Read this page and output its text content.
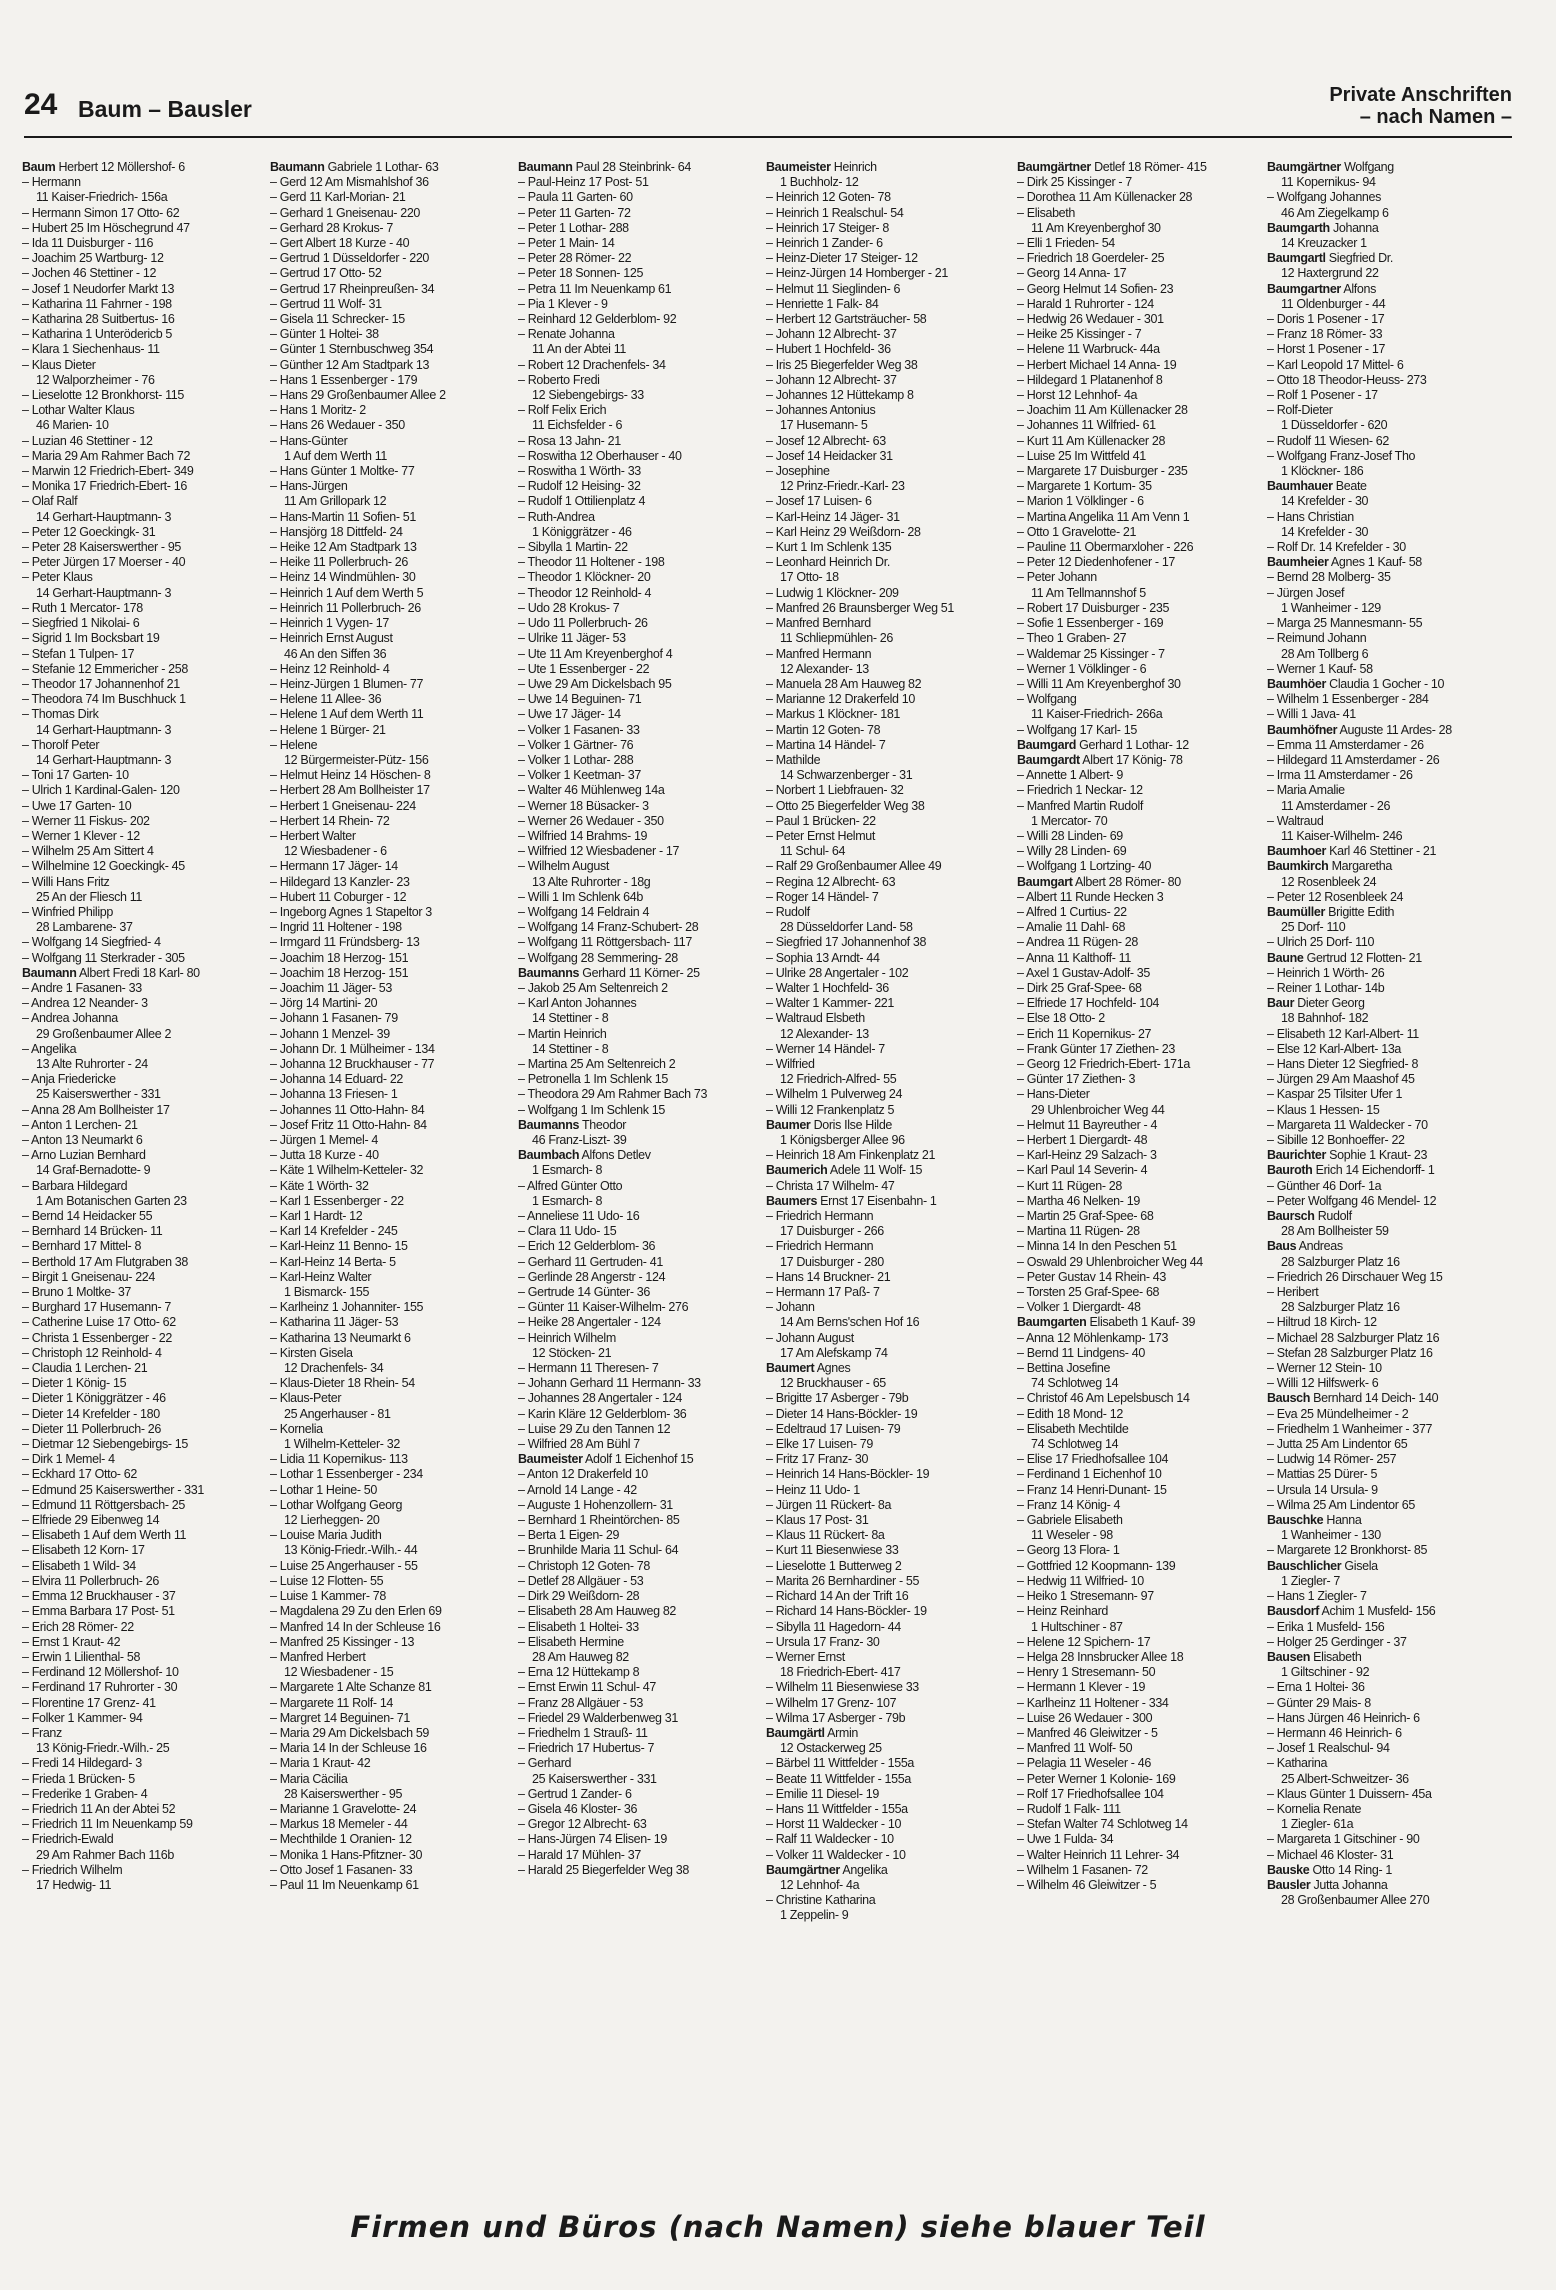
24 Baum – Bausler
Private Anschriften
– nach Namen –
Baum Herbert 12 Möllershof- 6
– Hermann
11 Kaiser-Friedrich- 156a
– Hermann Simon 17 Otto- 62
– Hubert 25 Im Höschegrund 47
– Ida 11 Duisburger - 116
– Joachim 25 Wartburg- 12
– Jochen 46 Stettiner - 12
– Josef 1 Neudorfer Markt 13
– Katharina 11 Fahrner - 198
– Katharina 28 Suitbertus- 16
– Katharina 1 Unterödericb 5
– Klara 1 Siechenhaus- 11
– Klaus Dieter
12 Walporzheimer - 76
– Lieselotte 12 Bronkhorst- 115
– Lothar Walter Klaus
46 Marien- 10
– Luzian 46 Stettiner - 12
– Maria 29 Am Rahmer Bach 72
– Marwin 12 Friedrich-Ebert- 349
– Monika 17 Friedrich-Ebert- 16
– Olaf Ralf
14 Gerhart-Hauptmann- 3
– Peter 12 Goeckingk- 31
– Peter 28 Kaiserswerther - 95
– Peter Jürgen 17 Moerser - 40
– Peter Klaus
14 Gerhart-Hauptmann- 3
– Ruth 1 Mercator- 178
– Siegfried 1 Nikolai- 6
– Sigrid 1 Im Bocksbart 19
– Stefan 1 Tulpen- 17
– Stefanie 12 Emmericher - 258
– Theodor 17 Johannenhof 21
– Theodora 74 Im Buschhuck 1
– Thomas Dirk
14 Gerhart-Hauptmann- 3
– Thorolf Peter
14 Gerhart-Hauptmann- 3
– Toni 17 Garten- 10
– Ulrich 1 Kardinal-Galen- 120
– Uwe 17 Garten- 10
– Werner 11 Fiskus- 202
– Werner 1 Klever - 12
– Wilhelm 25 Am Sittert 4
– Wilhelmine 12 Goeckingk- 45
– Willi Hans Fritz
25 An der Fliesch 11
– Winfried Philipp
28 Lambarene- 37
– Wolfgang 14 Siegfried- 4
– Wolfgang 11 Sterkrader - 305
Baumann Albert Fredi 18 Karl- 80
– Andre 1 Fasanen- 33
– Andrea 12 Neander- 3
– Andrea Johanna
29 Großenbaumer Allee 2
– Angelika
13 Alte Ruhrorter - 24
– Anja Friedericke
25 Kaiserswerther - 331
– Anna 28 Am Bollheister 17
– Anton 1 Lerchen- 21
– Anton 13 Neumarkt 6
– Arno Luzian Bernhard
14 Graf-Bernadotte- 9
– Barbara Hildegard
1 Am Botanischen Garten 23
– Bernd 14 Heidacker 55
– Bernhard 14 Brücken- 11
– Bernhard 17 Mittel- 8
– Berthold 17 Am Flutgraben 38
– Birgit 1 Gneisenau- 224
– Bruno 1 Moltke- 37
– Burghard 17 Husemann- 7
– Catherine Luise 17 Otto- 62
– Christa 1 Essenberger - 22
– Christoph 12 Reinhold- 4
– Claudia 1 Lerchen- 21
– Dieter 1 König- 15
– Dieter 1 Königgrätzer - 46
– Dieter 14 Krefelder - 180
– Dieter 11 Pollerbruch- 26
– Dietmar 12 Siebengebirgs- 15
– Dirk 1 Memel- 4
– Eckhard 17 Otto- 62
– Edmund 25 Kaiserswerther - 331
– Edmund 11 Röttgersbach- 25
– Elfriede 29 Eibenweg 14
– Elisabeth 1 Auf dem Werth 11
– Elisabeth 12 Korn- 17
– Elisabeth 1 Wild- 34
– Elvira 11 Pollerbruch- 26
– Emma 12 Bruckhauser - 37
– Emma Barbara 17 Post- 51
– Erich 28 Römer- 22
– Ernst 1 Kraut- 42
– Erwin 1 Lilienthal- 58
– Ferdinand 12 Möllershof- 10
– Ferdinand 17 Ruhrorter - 30
– Florentine 17 Grenz- 41
– Folker 1 Kammer- 94
– Franz
13 König-Friedr.-Wilh.- 25
– Fredi 14 Hildegard- 3
– Frieda 1 Brücken- 5
– Frederike 1 Graben- 4
– Friedrich 11 An der Abtei 52
– Friedrich 11 Im Neuenkamp 59
– Friedrich-Ewald
29 Am Rahmer Bach 116b
– Friedrich Wilhelm
17 Hedwig- 11
Baumann Gabriele 1 Lothar- 63
– Gerd 12 Am Mismahlshof 36
– Gerd 11 Karl-Morian- 21
– Gerhard 1 Gneisenau- 220
– Gerhard 28 Krokus- 7
– Gert Albert 18 Kurze - 40
– Gertrud 1 Düsseldorfer - 220
– Gertrud 17 Otto- 52
– Gertrud 17 Rheinpreußen- 34
– Gertrud 11 Wolf- 31
– Gisela 11 Schrecker- 15
– Günter 1 Holtei- 38
– Günter 1 Sternbuschweg 354
– Günther 12 Am Stadtpark 13
– Hans 1 Essenberger - 179
– Hans 29 Großenbaumer Allee 2
– Hans 1 Moritz- 2
– Hans 26 Wedauer - 350
– Hans-Günter
1 Auf dem Werth 11
– Hans Günter 1 Moltke- 77
– Hans-Jürgen
11 Am Grillopark 12
– Hans-Martin 11 Sofien- 51
– Hansjörg 18 Dittfeld- 24
– Heike 12 Am Stadtpark 13
– Heike 11 Pollerbruch- 26
– Heinz 14 Windmühlen- 30
– Heinrich 1 Auf dem Werth 5
– Heinrich 11 Pollerbruch- 26
– Heinrich 1 Vygen- 17
– Heinrich Ernst August
46 An den Siffen 36
– Heinz 12 Reinhold- 4
– Heinz-Jürgen 1 Blumen- 77
– Helene 11 Allee- 36
– Helene 1 Auf dem Werth 11
– Helene 1 Bürger- 21
– Helene
12 Bürgermeister-Pütz- 156
– Helmut Heinz 14 Höschen- 8
– Herbert 28 Am Bollheister 17
– Herbert 1 Gneisenau- 224
– Herbert 14 Rhein- 72
– Herbert Walter
12 Wiesbadener - 6
– Hermann 17 Jäger- 14
– Hildegard 13 Kanzler- 23
– Hubert 11 Coburger - 12
– Ingeborg Agnes 1 Stapeltor 3
– Ingrid 11 Holtener - 198
– Irmgard 11 Fründsberg- 13
– Joachim 18 Herzog- 151
– Joachim 18 Herzog- 151
– Joachim 11 Jäger- 53
– Jörg 14 Martini- 20
– Johann 1 Fasanen- 79
– Johann 1 Menzel- 39
– Johann Dr. 1 Mülheimer - 134
– Johanna 12 Bruckhauser - 77
– Johanna 14 Eduard- 22
– Johanna 13 Friesen- 1
– Johannes 11 Otto-Hahn- 84
– Josef Fritz 11 Otto-Hahn- 84
– Jürgen 1 Memel- 4
– Jutta 18 Kurze - 40
– Käte 1 Wilhelm-Ketteler- 32
– Käte 1 Wörth- 32
– Karl 1 Essenberger - 22
– Karl 1 Hardt- 12
– Karl 14 Krefelder - 245
– Karl-Heinz 11 Benno- 15
– Karl-Heinz 14 Berta- 5
– Karl-Heinz Walter
1 Bismarck- 155
– Karlheinz 1 Johanniter- 155
– Katharina 11 Jäger- 53
– Katharina 13 Neumarkt 6
– Kirsten Gisela
12 Drachenfels- 34
– Klaus-Dieter 18 Rhein- 54
– Klaus-Peter
25 Angerhauser - 81
– Kornelia
1 Wilhelm-Ketteler- 32
– Lidia 11 Kopernikus- 113
– Lothar 1 Essenberger - 234
– Lothar 1 Heine- 50
– Lothar Wolfgang Georg
12 Lierheggen- 20
– Louise Maria Judith
13 König-Friedr.-Wilh.- 44
– Luise 25 Angerhauser - 55
– Luise 12 Flotten- 55
– Luise 1 Kammer- 78
– Magdalena 29 Zu den Erlen 69
– Manfred 14 In der Schleuse 16
– Manfred 25 Kissinger - 13
– Manfred Herbert
12 Wiesbadener - 15
– Margarete 1 Alte Schanze 81
– Margarete 11 Rolf- 14
– Margret 14 Beguinen- 71
– Maria 29 Am Dickelsbach 59
– Maria 14 In der Schleuse 16
– Maria 1 Kraut- 42
– Maria Cäcilia
28 Kaiserswerther - 95
– Marianne 1 Gravelotte- 24
– Markus 18 Memeler - 44
– Mechthilde 1 Oranien- 12
– Monika 1 Hans-Pfitzner- 30
– Otto Josef 1 Fasanen- 33
– Paul 11 Im Neuenkamp 61
Baumann Paul 28 Steinbrink- 64
– Paul-Heinz 17 Post- 51
– Paula 11 Garten- 60
– Peter 11 Garten- 72
– Peter 1 Lothar- 288
– Peter 1 Main- 14
– Peter 28 Römer- 22
– Peter 18 Sonnen- 125
– Petra 11 Im Neuenkamp 61
– Pia 1 Klever - 9
– Reinhard 12 Gelderblom- 92
– Renate Johanna
11 An der Abtei 11
– Robert 12 Drachenfels- 34
– Roberto Fredi
12 Siebengebirgs- 33
– Rolf Felix Erich
11 Eichsfelder - 6
– Rosa 13 Jahn- 21
– Roswitha 12 Oberhauser - 40
– Roswitha 1 Wörth- 33
– Rudolf 12 Heising- 32
– Rudolf 1 Ottilienplatz 4
– Ruth-Andrea
1 Königgrätzer - 46
– Sibylla 1 Martin- 22
– Theodor 11 Holtener - 198
– Theodor 1 Klöckner- 20
– Theodor 12 Reinhold- 4
– Udo 28 Krokus- 7
– Udo 11 Pollerbruch- 26
– Ulrike 11 Jäger- 53
– Ute 11 Am Kreyenberghof 4
– Ute 1 Essenberger - 22
– Uwe 29 Am Dickelsbach 95
– Uwe 14 Beguinen- 71
– Uwe 17 Jäger- 14
– Volker 1 Fasanen- 33
– Volker 1 Gärtner- 76
– Volker 1 Lothar- 288
– Volker 1 Keetman- 37
– Walter 46 Mühlenweg 14a
– Werner 18 Büsacker- 3
– Werner 26 Wedauer - 350
– Wilfried 14 Brahms- 19
– Wilfried 12 Wiesbadener - 17
– Wilhelm August
13 Alte Ruhrorter - 18g
– Willi 1 Im Schlenk 64b
– Wolfgang 14 Feldrain 4
– Wolfgang 14 Franz-Schubert- 28
– Wolfgang 11 Röttgersbach- 117
– Wolfgang 28 Semmering- 28
Baumanns Gerhard 11 Körner- 25
– Jakob 25 Am Seltenreich 2
– Karl Anton Johannes
14 Stettiner - 8
– Martin Heinrich
14 Stettiner - 8
– Martina 25 Am Seltenreich 2
– Petronella 1 Im Schlenk 15
– Theodora 29 Am Rahmer Bach 73
– Wolfgang 1 Im Schlenk 15
Baumanns Theodor
46 Franz-Liszt- 39
Baumbach Alfons Detlev
1 Esmarch- 8
– Alfred Günter Otto
1 Esmarch- 8
– Anneliese 11 Udo- 16
– Clara 11 Udo- 15
– Erich 12 Gelderblom- 36
– Gerhard 11 Gertruden- 41
– Gerlinde 28 Angerstr - 124
– Gertrude 14 Günter- 36
– Günter 11 Kaiser-Wilhelm- 276
– Heike 28 Angertaler - 124
– Heinrich Wilhelm
12 Stöcken- 21
– Hermann 11 Theresen- 7
– Johann Gerhard 11 Hermann- 33
– Johannes 28 Angertaler - 124
– Karin Kläre 12 Gelderblom- 36
– Luise 29 Zu den Tannen 12
– Wilfried 28 Am Bühl 7
Baumeister Adolf 1 Eichenhof 15
– Anton 12 Drakerfeld 10
– Arnold 14 Lange - 42
– Auguste 1 Hohenzollern- 31
– Bernhard 1 Rheintörchen- 85
– Berta 1 Eigen- 29
– Brunhilde Maria 11 Schul- 64
– Christoph 12 Goten- 78
– Detlef 28 Allgäuer - 53
– Dirk 29 Weißdorn- 28
– Elisabeth 28 Am Hauweg 82
– Elisabeth 1 Holtei- 33
– Elisabeth Hermine
28 Am Hauweg 82
– Erna 12 Hüttekamp 8
– Ernst Erwin 11 Schul- 47
– Franz 28 Allgäuer - 53
– Friedel 29 Walderbenweg 31
– Friedhelm 1 Strauß- 11
– Friedrich 17 Hubertus- 7
– Gerhard
25 Kaiserswerther - 331
– Gertrud 1 Zander- 6
– Gisela 46 Kloster- 36
– Gregor 12 Albrecht- 63
– Hans-Jürgen 74 Elisen- 19
– Harald 17 Mühlen- 37
– Harald 25 Biegerfelder Weg 38
Baumeister Heinrich
1 Buchholz- 12
– Heinrich 12 Goten- 78
– Heinrich 1 Realschul- 54
– Heinrich 17 Steiger- 8
– Heinrich 1 Zander- 6
– Heinz-Dieter 17 Steiger- 12
– Heinz-Jürgen 14 Homberger - 21
– Helmut 11 Sieglinden- 6
– Henriette 1 Falk- 84
– Herbert 12 Gartsträucher- 58
– Johann 12 Albrecht- 37
– Hubert 1 Hochfeld- 36
– Iris 25 Biegerfelder Weg 38
– Johann 12 Albrecht- 37
– Johannes 12 Hüttekamp 8
– Johannes Antonius
17 Husemann- 5
– Josef 12 Albrecht- 63
– Josef 14 Heidacker 31
– Josephine
12 Prinz-Friedr.-Karl- 23
– Josef 17 Luisen- 6
– Karl-Heinz 14 Jäger- 31
– Karl Heinz 29 Weißdorn- 28
– Kurt 1 Im Schlenk 135
– Leonhard Heinrich Dr.
17 Otto- 18
– Ludwig 1 Klöckner- 209
– Manfred 26 Braunsberger Weg 51
– Manfred Bernhard
11 Schliepmühlen- 26
– Manfred Hermann
12 Alexander- 13
– Manuela 28 Am Hauweg 82
– Marianne 12 Drakerfeld 10
– Markus 1 Klöckner- 181
– Martin 12 Goten- 78
– Martina 14 Händel- 7
– Mathilde
14 Schwarzenberger - 31
– Norbert 1 Liebfrauen- 32
– Otto 25 Biegerfelder Weg 38
– Paul 1 Brücken- 22
– Peter Ernst Helmut
11 Schul- 64
– Ralf 29 Großenbaumer Allee 49
– Regina 12 Albrecht- 63
– Roger 14 Händel- 7
– Rudolf
28 Düsseldorfer Land- 58
– Siegfried 17 Johannenhof 38
– Sophia 13 Arndt- 44
– Ulrike 28 Angertaler - 102
– Walter 1 Hochfeld- 36
– Walter 1 Kammer- 221
– Waltraud Elsbeth
12 Alexander- 13
– Werner 14 Händel- 7
– Wilfried
12 Friedrich-Alfred- 55
– Wilhelm 1 Pulverweg 24
– Willi 12 Frankenplatz 5
Baumer Doris Ilse Hilde
1 Königsberger Allee 96
– Heinrich 18 Am Finkenplatz 21
Baumerich Adele 11 Wolf- 15
– Christa 17 Wilhelm- 47
Baumers Ernst 17 Eisenbahn- 1
– Friedrich Hermann
17 Duisburger - 266
– Friedrich Hermann
17 Duisburger - 280
– Hans 14 Bruckner- 21
– Hermann 17 Paß- 7
– Johann
14 Am Berns'schen Hof 16
– Johann August
17 Am Alefskamp 74
Baumert Agnes
12 Bruckhauser - 65
– Brigitte 17 Asberger - 79b
– Dieter 14 Hans-Böckler- 19
– Edeltraud 17 Luisen- 79
– Elke 17 Luisen- 79
– Fritz 17 Franz- 30
– Heinrich 14 Hans-Böckler- 19
– Heinz 11 Udo- 1
– Jürgen 11 Rückert- 8a
– Klaus 17 Post- 31
– Klaus 11 Rückert- 8a
– Kurt 11 Biesenwiese 33
– Lieselotte 1 Butterweg 2
– Marita 26 Bernhardiner - 55
– Richard 14 An der Trift 16
– Richard 14 Hans-Böckler- 19
– Sibylla 11 Hagedorn- 44
– Ursula 17 Franz- 30
– Werner Ernst
18 Friedrich-Ebert- 417
– Wilhelm 11 Biesenwiese 33
– Wilhelm 17 Grenz- 107
– Wilma 17 Asberger - 79b
Baumgärtl Armin
12 Ostackerweg 25
– Bärbel 11 Wittfelder - 155a
– Beate 11 Wittfelder - 155a
– Emilie 11 Diesel- 19
– Hans 11 Wittfelder - 155a
– Horst 11 Waldecker - 10
– Ralf 11 Waldecker - 10
– Volker 11 Waldecker - 10
Baumgärtner Angelika
12 Lehnhof- 4a
– Christine Katharina
1 Zeppelin- 9
Baumgärtner Detlef 18 Römer- 415
– Dirk 25 Kissinger - 7
– Dorothea 11 Am Küllenacker 28
– Elisabeth
11 Am Kreyenberghof 30
– Elli 1 Frieden- 54
– Friedrich 18 Goerdeler- 25
– Georg 14 Anna- 17
– Georg Helmut 14 Sofien- 23
– Harald 1 Ruhrorter - 124
– Hedwig 26 Wedauer - 301
– Heike 25 Kissinger - 7
– Helene 11 Warbruck- 44a
– Herbert Michael 14 Anna- 19
– Hildegard 1 Platanenhof 8
– Horst 12 Lehnhof- 4a
– Joachim 11 Am Küllenacker 28
– Johannes 11 Wilfried- 61
– Kurt 11 Am Küllenacker 28
– Luise 25 Im Wittfeld 41
– Margarete 17 Duisburger - 235
– Margarete 1 Kortum- 35
– Marion 1 Völklinger - 6
– Martina Angelika 11 Am Venn 1
– Otto 1 Gravelotte- 21
– Pauline 11 Obermarxloher - 226
– Peter 12 Diedenhofener - 17
– Peter Johann
11 Am Tellmannshof 5
– Robert 17 Duisburger - 235
– Sofie 1 Essenberger - 169
– Theo 1 Graben- 27
– Waldemar 25 Kissinger - 7
– Werner 1 Völklinger - 6
– Willi 11 Am Kreyenberghof 30
– Wolfgang
11 Kaiser-Friedrich- 266a
– Wolfgang 17 Karl- 15
Baumgard Gerhard 1 Lothar- 12
Baumgardt Albert 17 König- 78
– Annette 1 Albert- 9
– Friedrich 1 Neckar- 12
– Manfred Martin Rudolf
1 Mercator- 70
– Willi 28 Linden- 69
– Willy 28 Linden- 69
– Wolfgang 1 Lortzing- 40
Baumgart Albert 28 Römer- 80
– Albert 11 Runde Hecken 3
– Alfred 1 Curtius- 22
– Amalie 11 Dahl- 68
– Andrea 11 Rügen- 28
– Anna 11 Kalthoff- 11
– Axel 1 Gustav-Adolf- 35
– Dirk 25 Graf-Spee- 68
– Elfriede 17 Hochfeld- 104
– Else 18 Otto- 2
– Erich 11 Kopernikus- 27
– Frank Günter 17 Ziethen- 23
– Georg 12 Friedrich-Ebert- 171a
– Günter 17 Ziethen- 3
– Hans-Dieter
29 Uhlenbroicher Weg 44
– Helmut 11 Bayreuther - 4
– Herbert 1 Diergardt- 48
– Karl-Heinz 29 Salzach- 3
– Karl Paul 14 Severin- 4
– Kurt 11 Rügen- 28
– Martha 46 Nelken- 19
– Martin 25 Graf-Spee- 68
– Martina 11 Rügen- 28
– Minna 14 In den Peschen 51
– Oswald 29 Uhlenbroicher Weg 44
– Peter Gustav 14 Rhein- 43
– Torsten 25 Graf-Spee- 68
– Volker 1 Diergardt- 48
Baumgarten Elisabeth 1 Kauf- 39
– Anna 12 Möhlenkamp- 173
– Bernd 11 Lindgens- 40
– Bettina Josefine
74 Schlotweg 14
– Christof 46 Am Lepelsbusch 14
– Edith 18 Mond- 12
– Elisabeth Mechtilde
74 Schlotweg 14
– Elise 17 Friedhofsallee 104
– Ferdinand 1 Eichenhof 10
– Franz 14 Henri-Dunant- 15
– Franz 14 König- 4
– Gabriele Elisabeth
11 Weseler - 98
– Georg 13 Flora- 1
– Gottfried 12 Koopmann- 139
– Hedwig 11 Wilfried- 10
– Heiko 1 Stresemann- 97
– Heinz Reinhard
1 Hultschiner - 87
– Helene 12 Spichern- 17
– Helga 28 Innsbrucker Allee 18
– Henry 1 Stresemann- 50
– Hermann 1 Klever - 19
– Karlheinz 11 Holtener - 334
– Luise 26 Wedauer - 300
– Manfred 46 Gleiwitzer - 5
– Manfred 11 Wolf- 50
– Pelagia 11 Weseler - 46
– Peter Werner 1 Kolonie- 169
– Rolf 17 Friedhofsallee 104
– Rudolf 1 Falk- 111
– Stefan Walter 74 Schlotweg 14
– Uwe 1 Fulda- 34
– Walter Heinrich 11 Lehrer- 34
– Wilhelm 1 Fasanen- 72
– Wilhelm 46 Gleiwitzer - 5
Baumgärtner Wolfgang
11 Kopernikus- 94
– Wolfgang Johannes
46 Am Ziegelkamp 6
Baumgarth Johanna
14 Kreuzacker 1
Baumgartl Siegfried Dr.
12 Haxtergrund 22
Baumgartner Alfons
11 Oldenburger - 44
– Doris 1 Posener - 17
– Franz 18 Römer- 33
– Horst 1 Posener - 17
– Karl Leopold 17 Mittel- 6
– Otto 18 Theodor-Heuss- 273
– Rolf 1 Posener - 17
– Rolf-Dieter
1 Düsseldorfer - 620
– Rudolf 11 Wiesen- 62
– Wolfgang Franz-Josef Tho
1 Klöckner- 186
Baumhauer Beate
14 Krefelder - 30
– Hans Christian
14 Krefelder - 30
– Rolf Dr. 14 Krefelder - 30
Baumheier Agnes 1 Kauf- 58
– Bernd 28 Molberg- 35
– Jürgen Josef
1 Wanheimer - 129
– Marga 25 Mannesmann- 55
– Reimund Johann
28 Am Tollberg 6
– Werner 1 Kauf- 58
Baumhöer Claudia 1 Gocher - 10
– Wilhelm 1 Essenberger - 284
– Willi 1 Java- 41
Baumhöfner Auguste 11 Ardes- 28
– Emma 11 Amsterdamer - 26
– Hildegard 11 Amsterdamer - 26
– Irma 11 Amsterdamer - 26
– Maria Amalie
11 Amsterdamer - 26
– Waltraud
11 Kaiser-Wilhelm- 246
Baumhoer Karl 46 Stettiner - 21
Baumkirch Margaretha
12 Rosenbleek 24
– Peter 12 Rosenbleek 24
Baumüller Brigitte Edith
25 Dorf- 110
– Ulrich 25 Dorf- 110
Baune Gertrud 12 Flotten- 21
– Heinrich 1 Wörth- 26
– Reiner 1 Lothar- 14b
Baur Dieter Georg
18 Bahnhof- 182
– Elisabeth 12 Karl-Albert- 11
– Else 12 Karl-Albert- 13a
– Hans Dieter 12 Siegfried- 8
– Jürgen 29 Am Maashof 45
– Kaspar 25 Tilsiter Ufer 1
– Klaus 1 Hessen- 15
– Margareta 11 Waldecker - 70
– Sibille 12 Bonhoeffer- 22
Baurichter Sophie 1 Kraut- 23
Bauroth Erich 14 Eichendorff- 1
– Günther 46 Dorf- 1a
– Peter Wolfgang 46 Mendel- 12
Baursch Rudolf
28 Am Bollheister 59
Baus Andreas
28 Salzburger Platz 16
– Friedrich 26 Dirschauer Weg 15
– Heribert
28 Salzburger Platz 16
– Hiltrud 18 Kirch- 12
– Michael 28 Salzburger Platz 16
– Stefan 28 Salzburger Platz 16
– Werner 12 Stein- 10
– Willi 12 Hilfswerk- 6
Bausch Bernhard 14 Deich- 140
– Eva 25 Mündelheimer - 2
– Friedhelm 1 Wanheimer - 377
– Jutta 25 Am Lindentor 65
– Ludwig 14 Römer- 257
– Mattias 25 Dürer- 5
– Ursula 14 Ursula- 9
– Wilma 25 Am Lindentor 65
Bauschke Hanna
1 Wanheimer - 130
– Margarete 12 Bronkhorst- 85
Bauschlicher Gisela
1 Ziegler- 7
– Hans 1 Ziegler- 7
Bausdorf Achim 1 Musfeld- 156
– Erika 1 Musfeld- 156
– Holger 25 Gerdinger - 37
Bausen Elisabeth
1 Giltschiner - 92
– Erna 1 Holtei- 36
– Günter 29 Mais- 8
– Hans Jürgen 46 Heinrich- 6
– Hermann 46 Heinrich- 6
– Josef 1 Realschul- 94
– Katharina
25 Albert-Schweitzer- 36
– Klaus Günter 1 Duissern- 45a
– Kornelia Renate
1 Ziegler- 61a
– Margareta 1 Gitschiner - 90
– Michael 46 Kloster- 31
Bauske Otto 14 Ring- 1
Bausler Jutta Johanna
28 Großenbaumer Allee 270
Firmen und Büros (nach Namen) siehe blauer Teil
